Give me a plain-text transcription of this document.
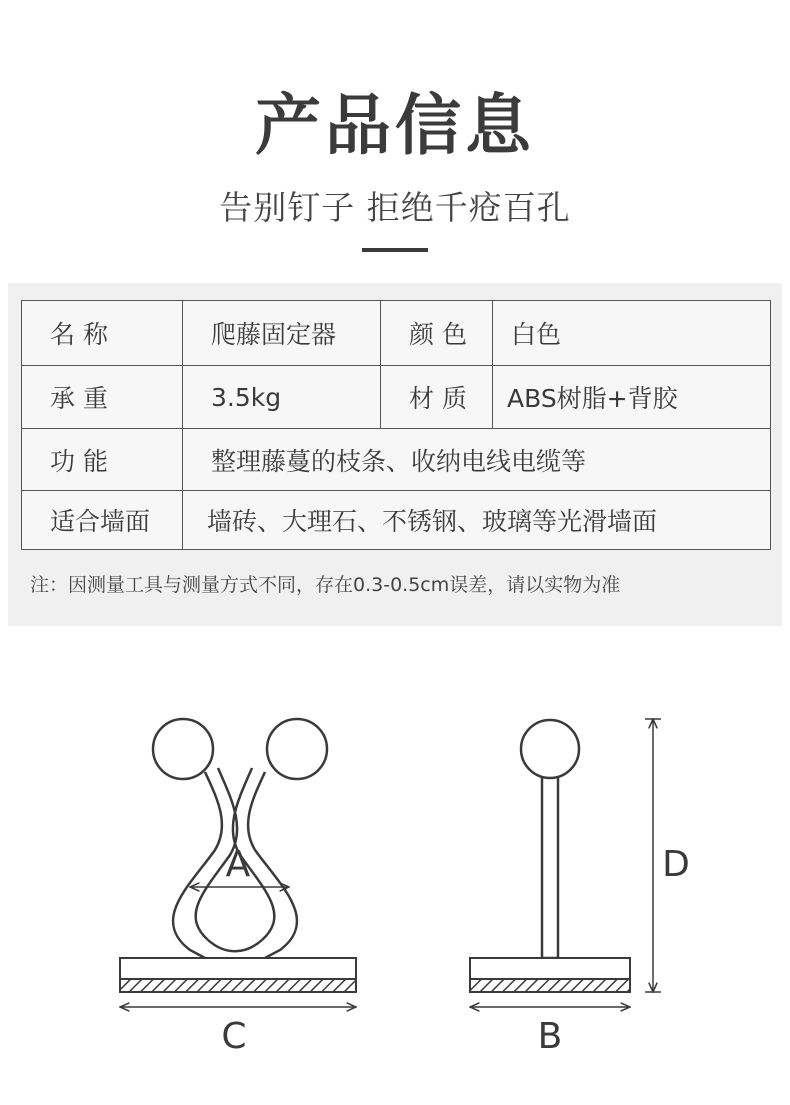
产品信息
告别钉子 拒绝千疮百孔
名 称	爬藤固定器	颜 色	白色
承 重	3.5kg	材 质	ABS树脂+背胶
功 能	整理藤蔓的枝条、收纳电线电缆等		
适合墙面	墙砖、大理石、不锈钢、玻璃等光滑墙面		
注：因测量工具与测量方式不同，存在0.3-0.5cm误差，请以实物为准
A
C	B
D
